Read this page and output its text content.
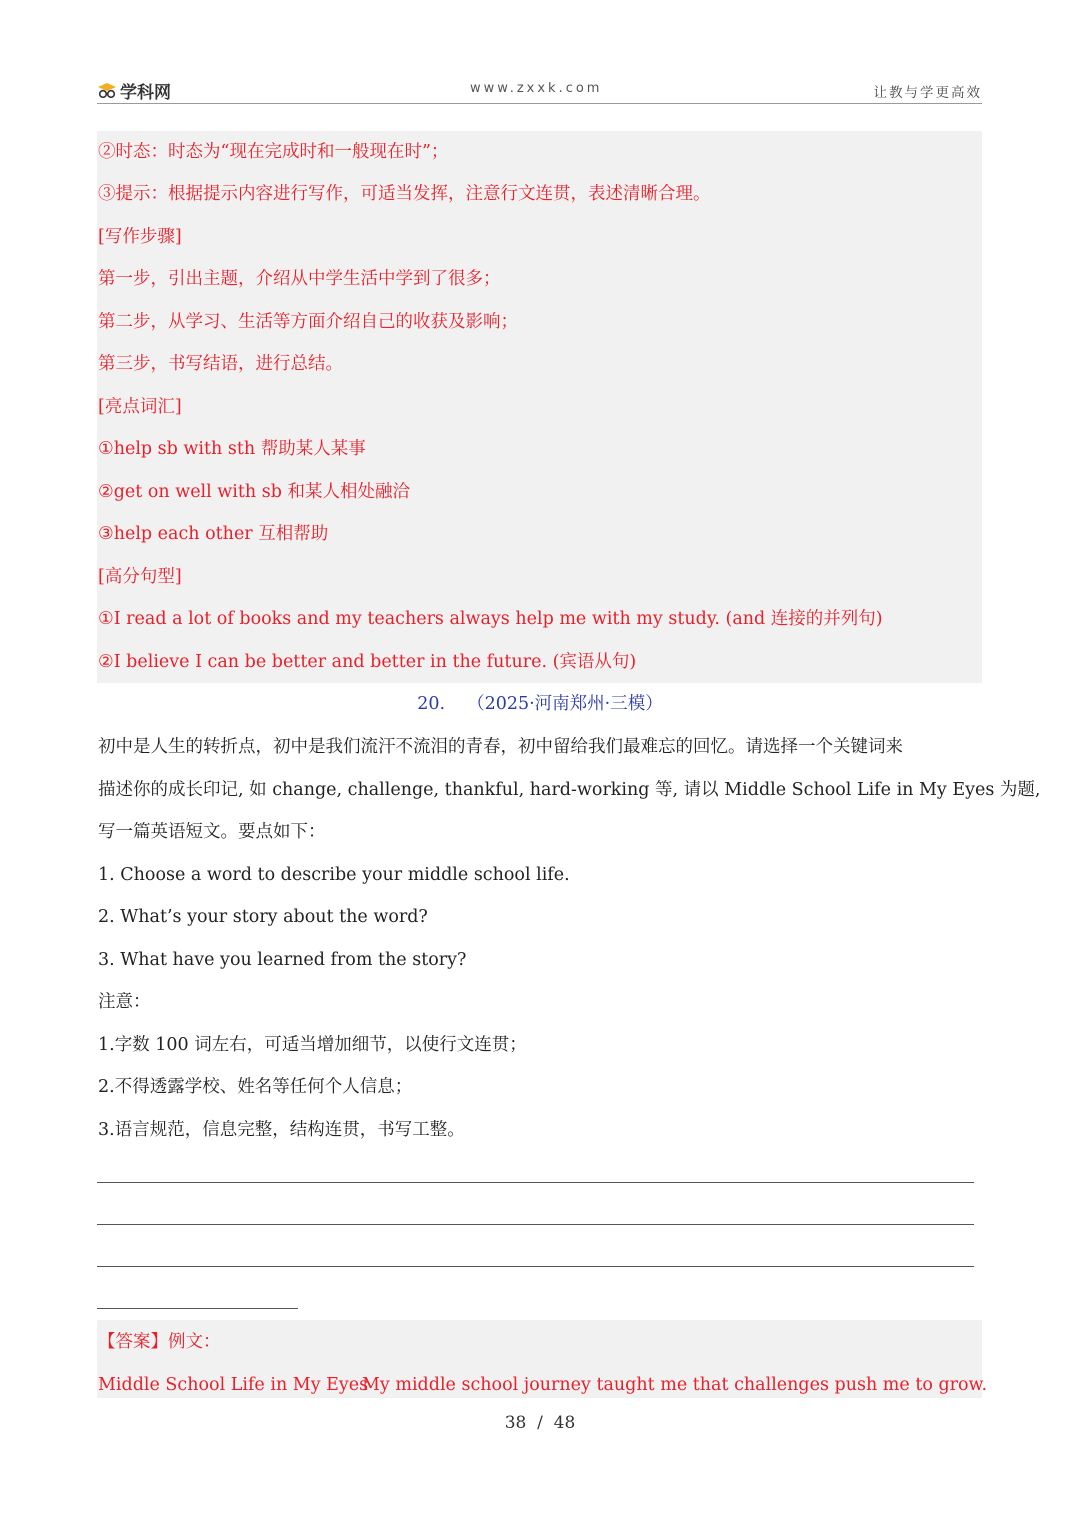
学科网	www.zxxk.com	让教与学更高效
②时态：时态为“现在完成时和一般现在时”；
③提示：根据提示内容进行写作，可适当发挥，注意行文连贯，表述清晰合理。
[写作步骤]
第一步，引出主题，介绍从中学生活中学到了很多；
第二步，从学习、生活等方面介绍自己的收获及影响；
第三步，书写结语，进行总结。
[亮点词汇]
①help sb with sth 帮助某人某事
②get on well with sb 和某人相处融洽
③help each other 互相帮助
[高分句型]
①I read a lot of books and my teachers always help me with my study. (and 连接的并列句)
②I believe I can be better and better in the future. (宾语从句)
20. （2025·河南郑州·三模）
初中是人生的转折点，初中是我们流汗不流泪的青春，初中留给我们最难忘的回忆。请选择一个关键词来
描述你的成长印记, 如 change, challenge, thankful, hard-working 等, 请以 Middle School Life in My Eyes 为题,
写一篇英语短文。要点如下：
1. Choose a word to describe your middle school life.
2. What’s your story about the word?
3. What have you learned from the story?
注意：
1.字数 100 词左右，可适当增加细节，以使行文连贯；
2.不得透露学校、姓名等任何个人信息；
3.语言规范，信息完整，结构连贯，书写工整。
【答案】例文：
Middle School Life in My Eyes
My middle school journey taught me that challenges push me to grow.
38  /  48
